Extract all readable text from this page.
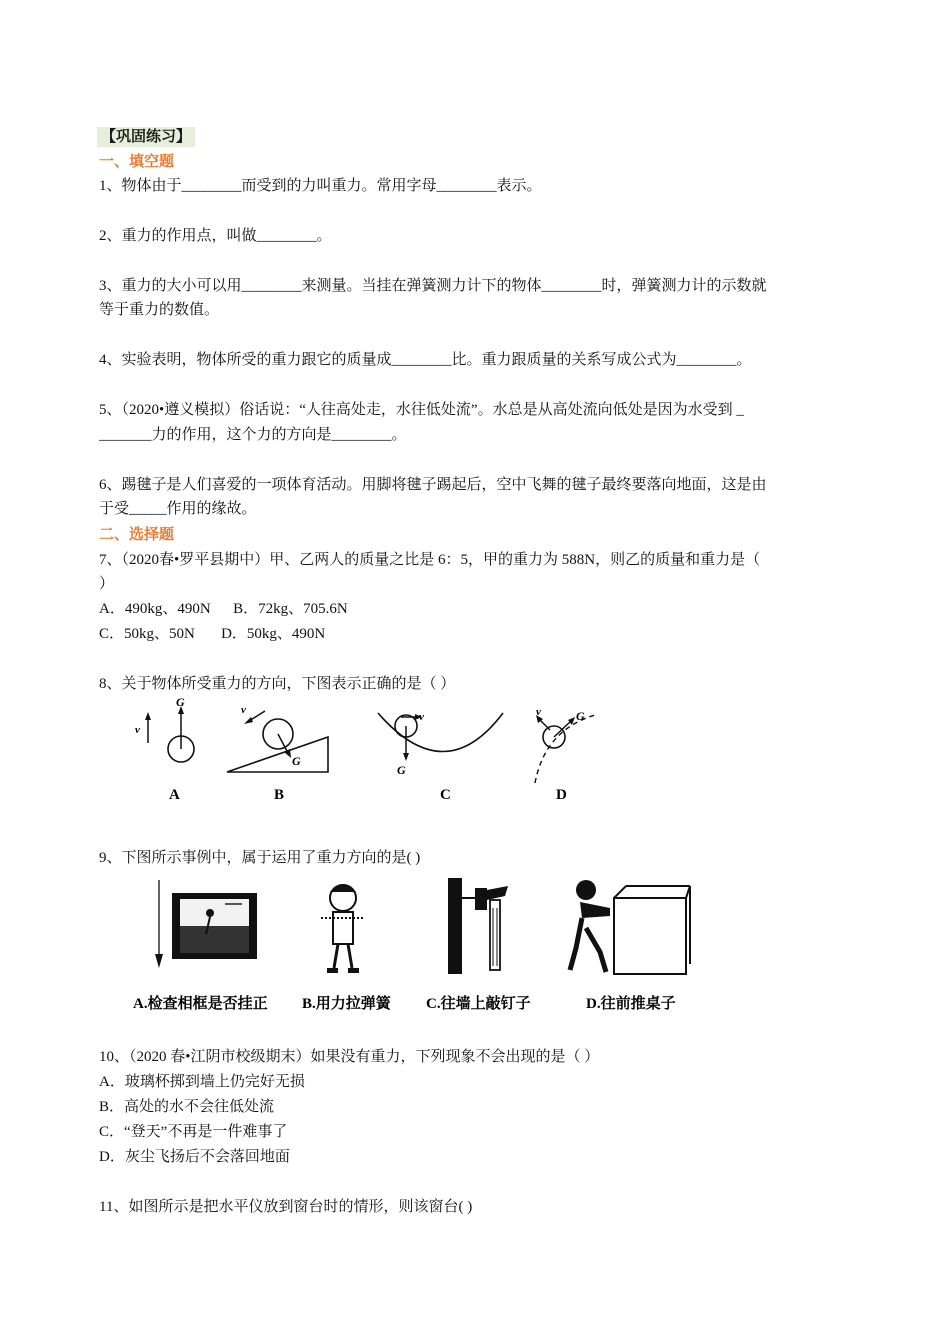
【巩固练习】
一、填空题
1、物体由于________而受到的力叫重力。常用字母________表示。
2、重力的作用点，叫做________。
3、重力的大小可以用________来测量。当挂在弹簧测力计下的物体________时，弹簧测力计的示数就
等于重力的数值。
4、实验表明，物体所受的重力跟它的质量成________比。重力跟质量的关系写成公式为________。
5、（2020•遵义模拟）俗话说：“人往高处走，水往低处流”。水总是从高处流向低处是因为水受到 _
_______力的作用，这个力的方向是________。
6、踢毽子是人们喜爱的一项体育活动。用脚将毽子踢起后，空中飞舞的毽子最终要落向地面，这是由
于受_____作用的缘故。
二、选择题
7、（2020春•罗平县期中）甲、乙两人的质量之比是 6：5，甲的重力为 588N，则乙的质量和重力是（
）
A．490kg、490N      B．72kg、705.6N
C．50kg、50N       D．50kg、490N
8、关于物体所受重力的方向，下图表示正确的是（ ）
v
G
A
G
v
B
G
v
C
G
v
D
9、下图所示事例中，属于运用了重力方向的是( )
A.检查相框是否挂正 B.用力拉弹簧 C.往墙上敲钉子	D.往前推桌子
10、（2020 春•江阴市校级期末）如果没有重力，下列现象不会出现的是（ ）
A．玻璃杯掷到墙上仍完好无损
B．高处的水不会往低处流
C．“登天”不再是一件难事了
D．灰尘飞扬后不会落回地面
11、如图所示是把水平仪放到窗台时的情形，则该窗台( )
